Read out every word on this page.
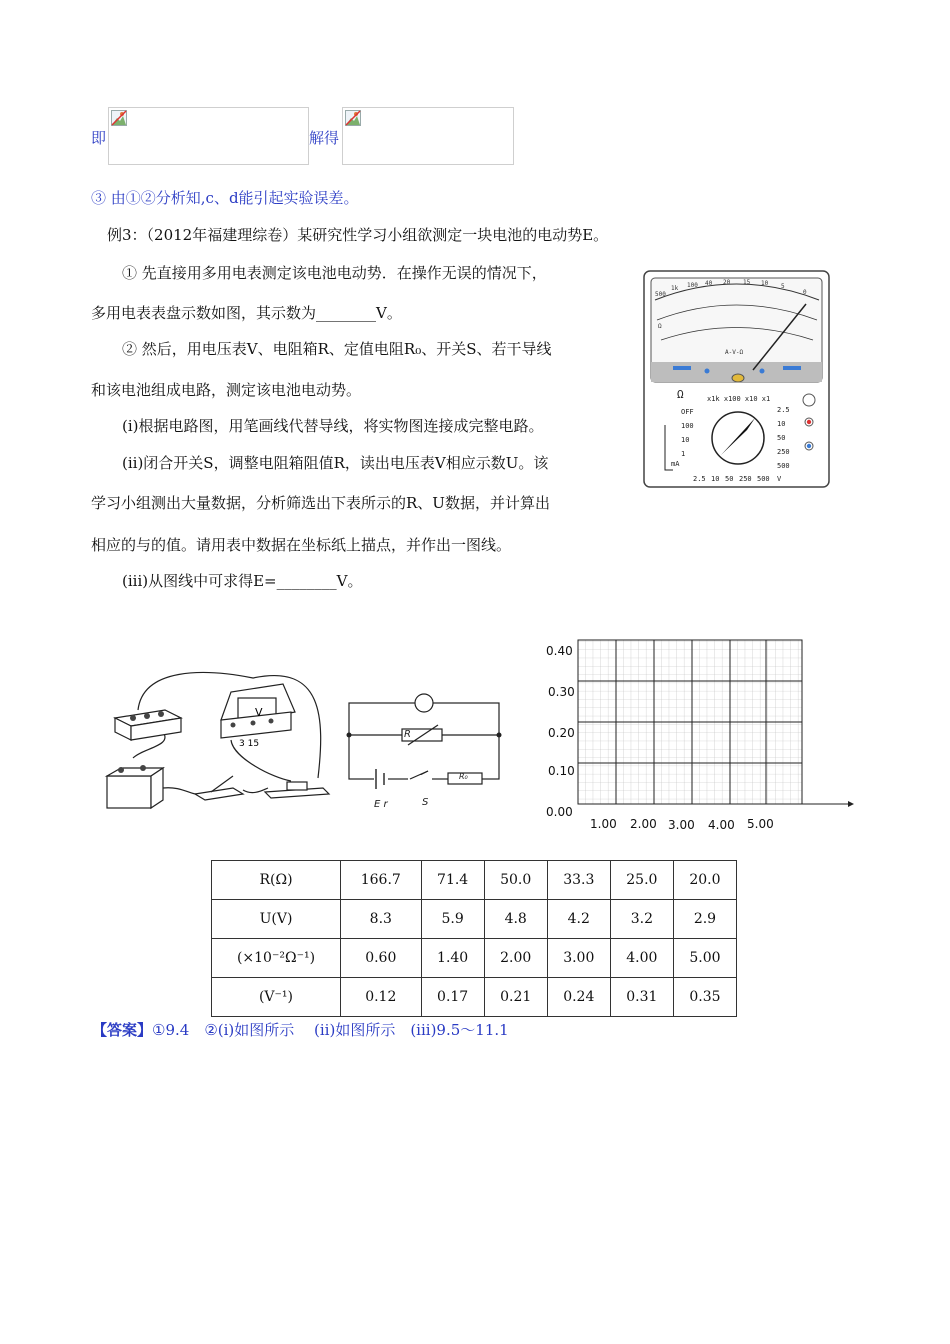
即	解得
③ 由①②分析知,c、d能引起实验误差。
例3：（2012年福建理综卷）某研究性学习小组欲测定一块电池的电动势E。
① 先直接用多用电表测定该电池电动势．在操作无误的情况下，
多用电表表盘示数如图，其示数为________V。
② 然后，用电压表V、电阻箱R、定值电阻R₀、开关S、若干导线
和该电池组成电路，测定该电池电动势。
(ⅰ)根据电路图，用笔画线代替导线，将实物图连接成完整电路。
(ⅱ)闭合开关S，调整电阻箱阻值R，读出电压表V相应示数U。该
学习小组测出大量数据，分析筛选出下表所示的R、U数据，并计算出
相应的与的值。请用表中数据在坐标纸上描点，并作出一图线。
(iii)从图线中可求得E=________V。
500
1k 100 40 20 15 10 5
0
Ω
A-V-Ω
Ω	x1k x100 x10 x1
OFF
100
10
1
mA
2.5
10
50
250
500
2.5 10 50 250 500 V
3 15
V
R
R₀
E r	S
0.40
0.30
0.20
0.10
0.00
1.00 2.00 3.00 4.00 5.00
R(Ω)	166.7	71.4	50.0	33.3	25.0	20.0
U(V)	8.3	5.9	4.8	4.2	3.2	2.9
(×10⁻²Ω⁻¹)	0.60	1.40	2.00	3.00	4.00	5.00
(V⁻¹)	0.12	0.17	0.21	0.24	0.31	0.35
【答案】①9.4　②(ⅰ)如图所示　 (ⅱ)如图所示　(iii)9.5～11.1
